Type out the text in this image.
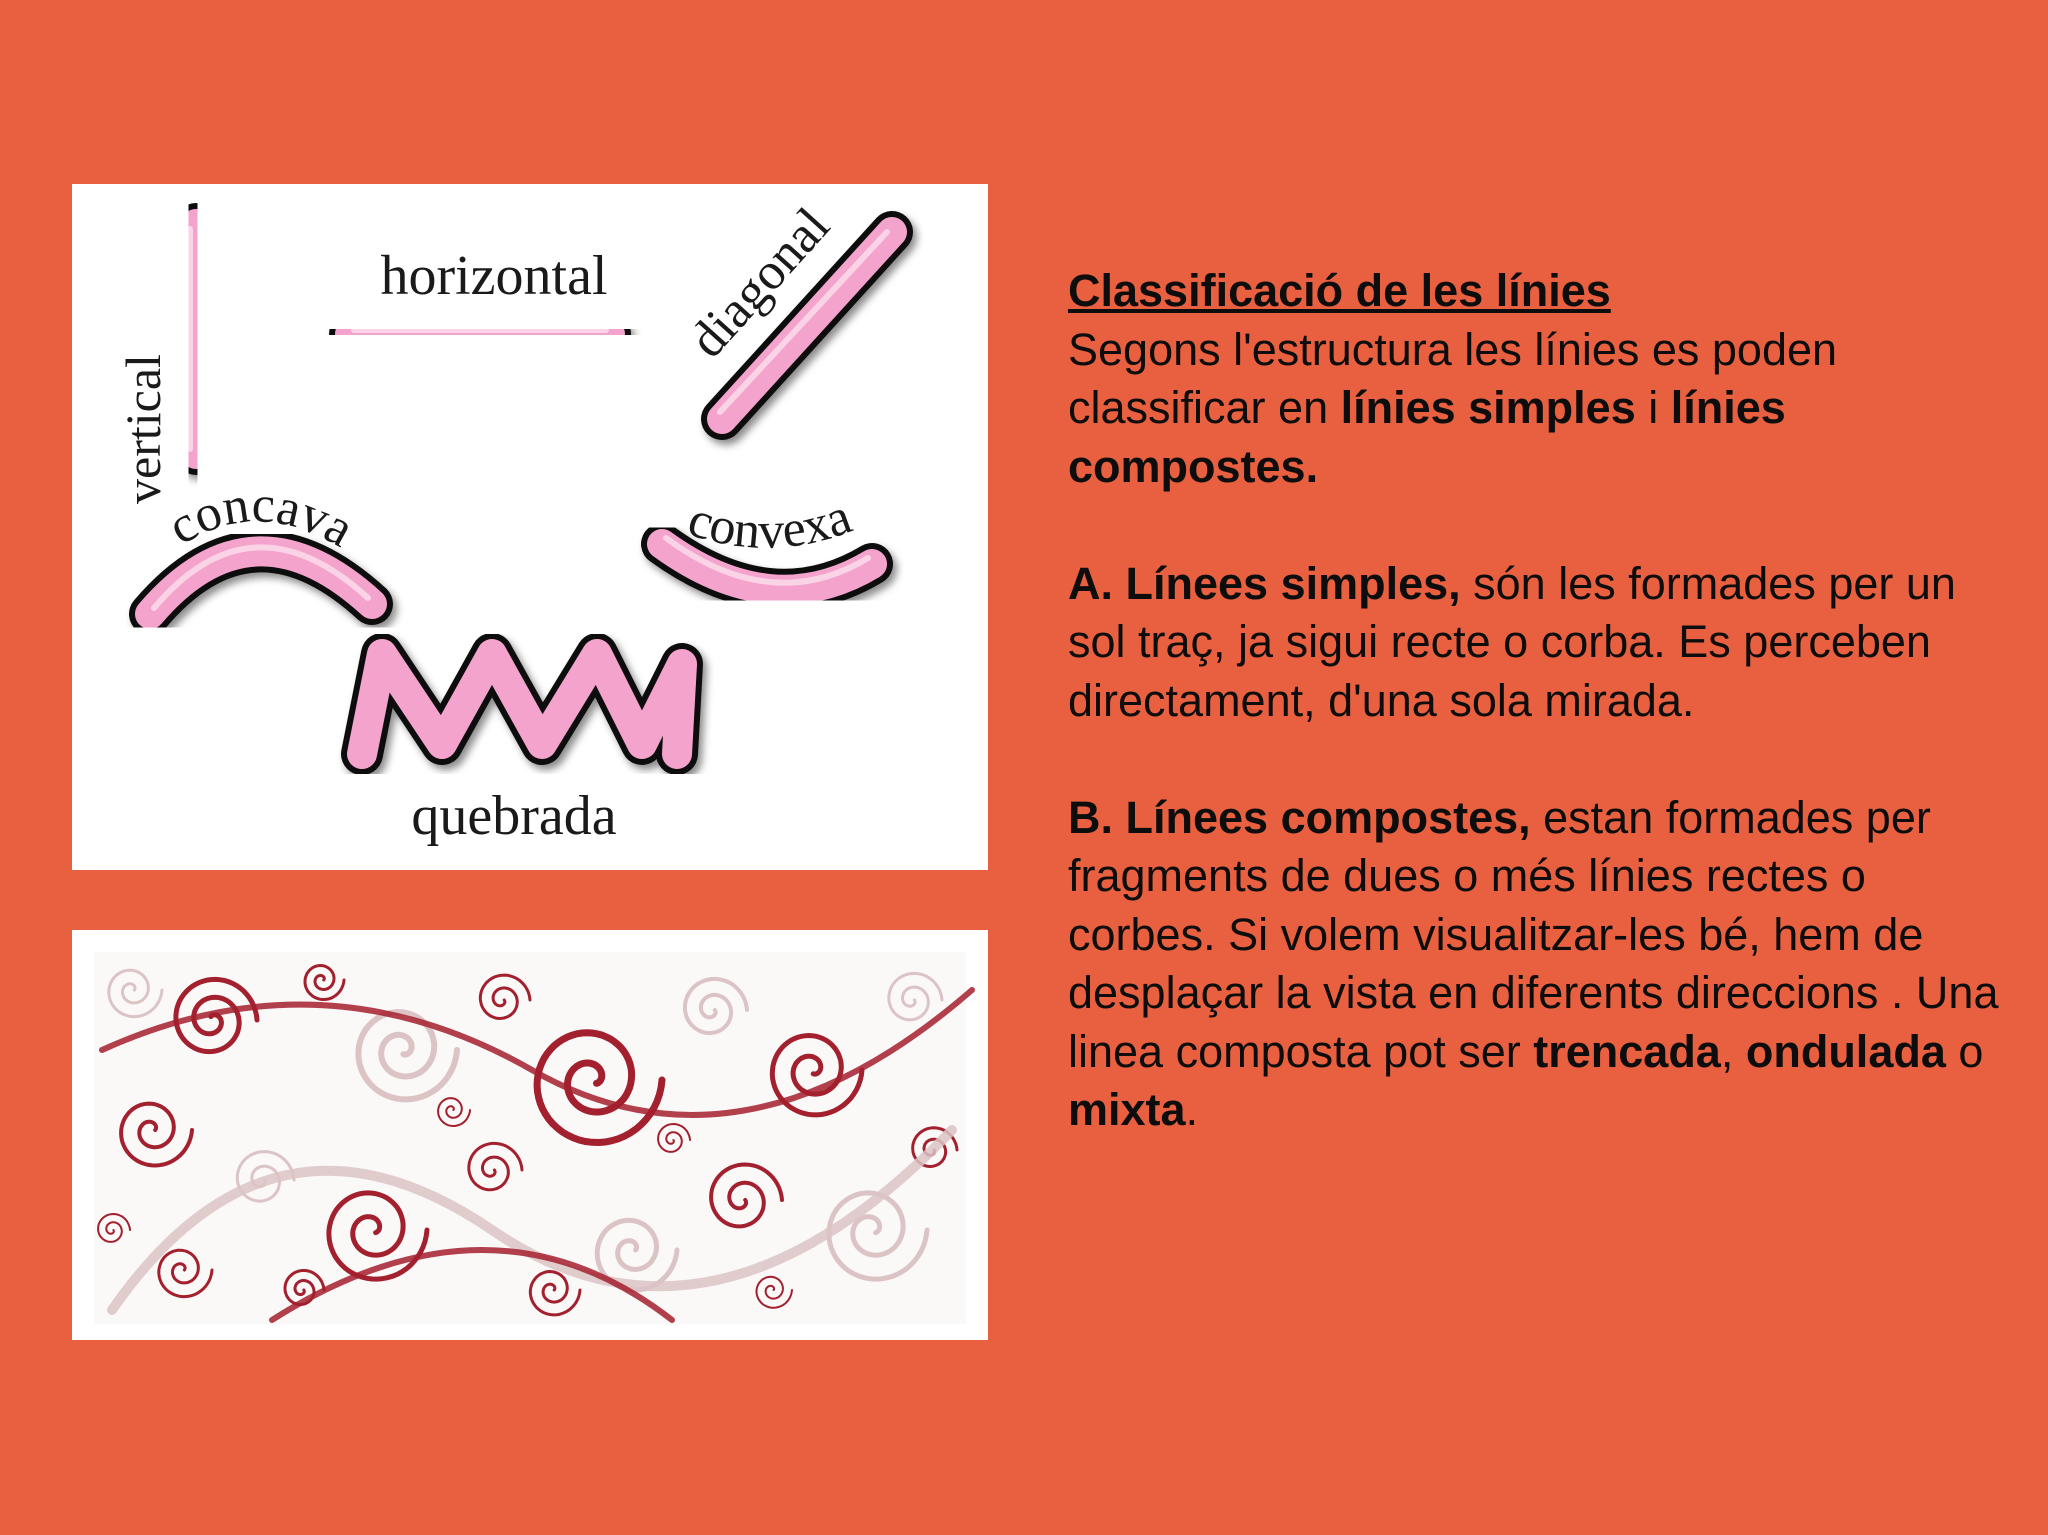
vertical
horizontal diagonal
concava	convexa
quebrada

Classificació de les línies

Segons l'estructura les línies es poden classificar en línies simples i línies compostes.

A. Línees simples, són les formades per un sol traç, ja sigui recte o corba. Es perceben directament, d'una sola mirada.

B. Línees compostes, estan formades per fragments de dues o més línies rectes o corbes. Si volem visualitzar-les bé, hem de desplaçar la vista en diferents direccions . Una linea composta pot ser trencada, ondulada o mixta.
